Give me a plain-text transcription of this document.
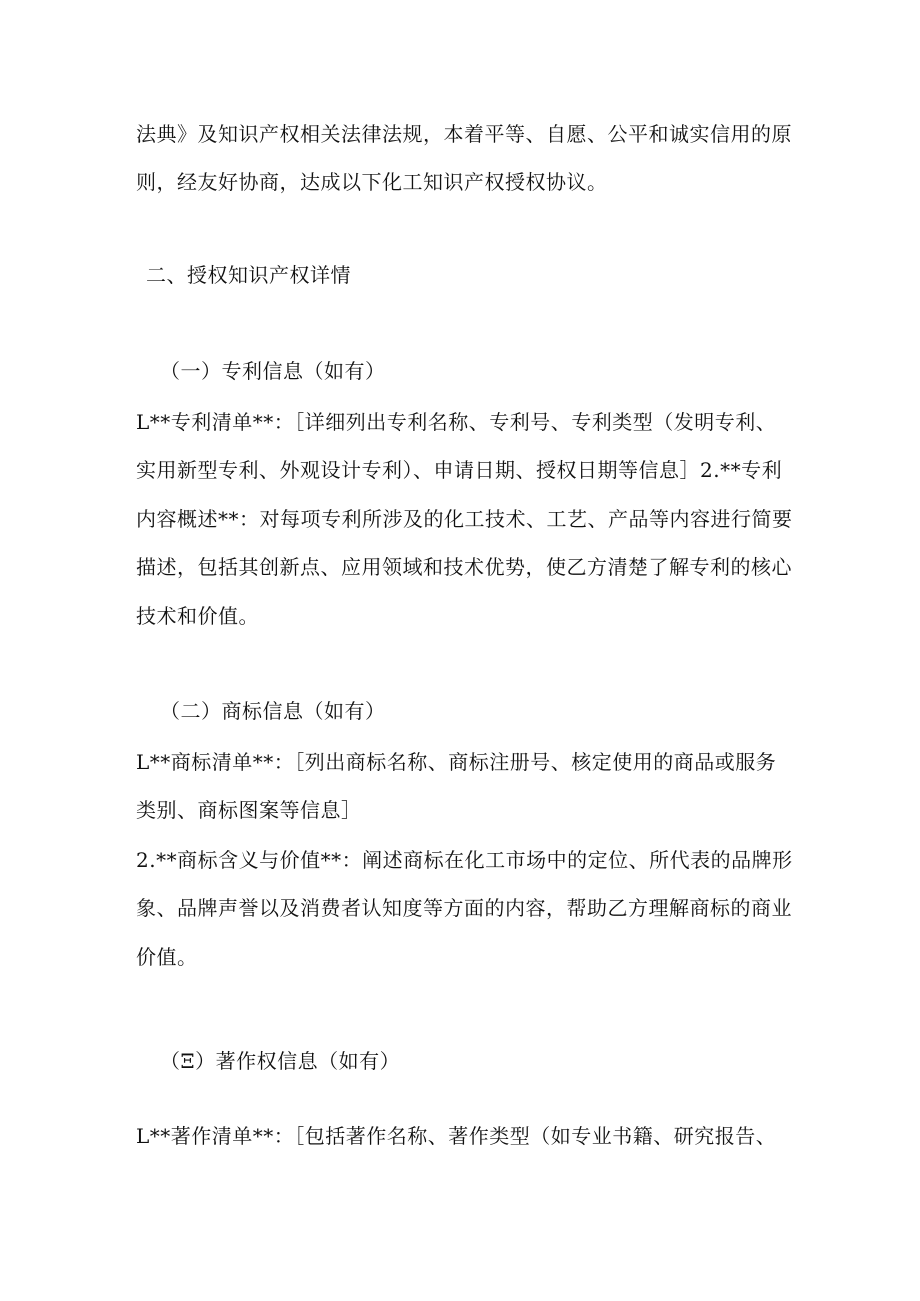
法典》及知识产权相关法律法规，本着平等、自愿、公平和诚实信用的原
则，经友好协商，达成以下化工知识产权授权协议。
二、授权知识产权详情
（一）专利信息（如有）
L**专利清单**：［详细列出专利名称、专利号、专利类型（发明专利、
实用新型专利、外观设计专利）、申请日期、授权日期等信息］2.**专利
内容概述**：对每项专利所涉及的化工技术、工艺、产品等内容进行简要
描述，包括其创新点、应用领域和技术优势，使乙方清楚了解专利的核心
技术和价值。
（二）商标信息（如有）
L**商标清单**：［列出商标名称、商标注册号、核定使用的商品或服务
类别、商标图案等信息］
2.**商标含义与价值**：阐述商标在化工市场中的定位、所代表的品牌形
象、品牌声誉以及消费者认知度等方面的内容，帮助乙方理解商标的商业
价值。
（Ξ）著作权信息（如有）
L**著作清单**：［包括著作名称、著作类型（如专业书籍、研究报告、
